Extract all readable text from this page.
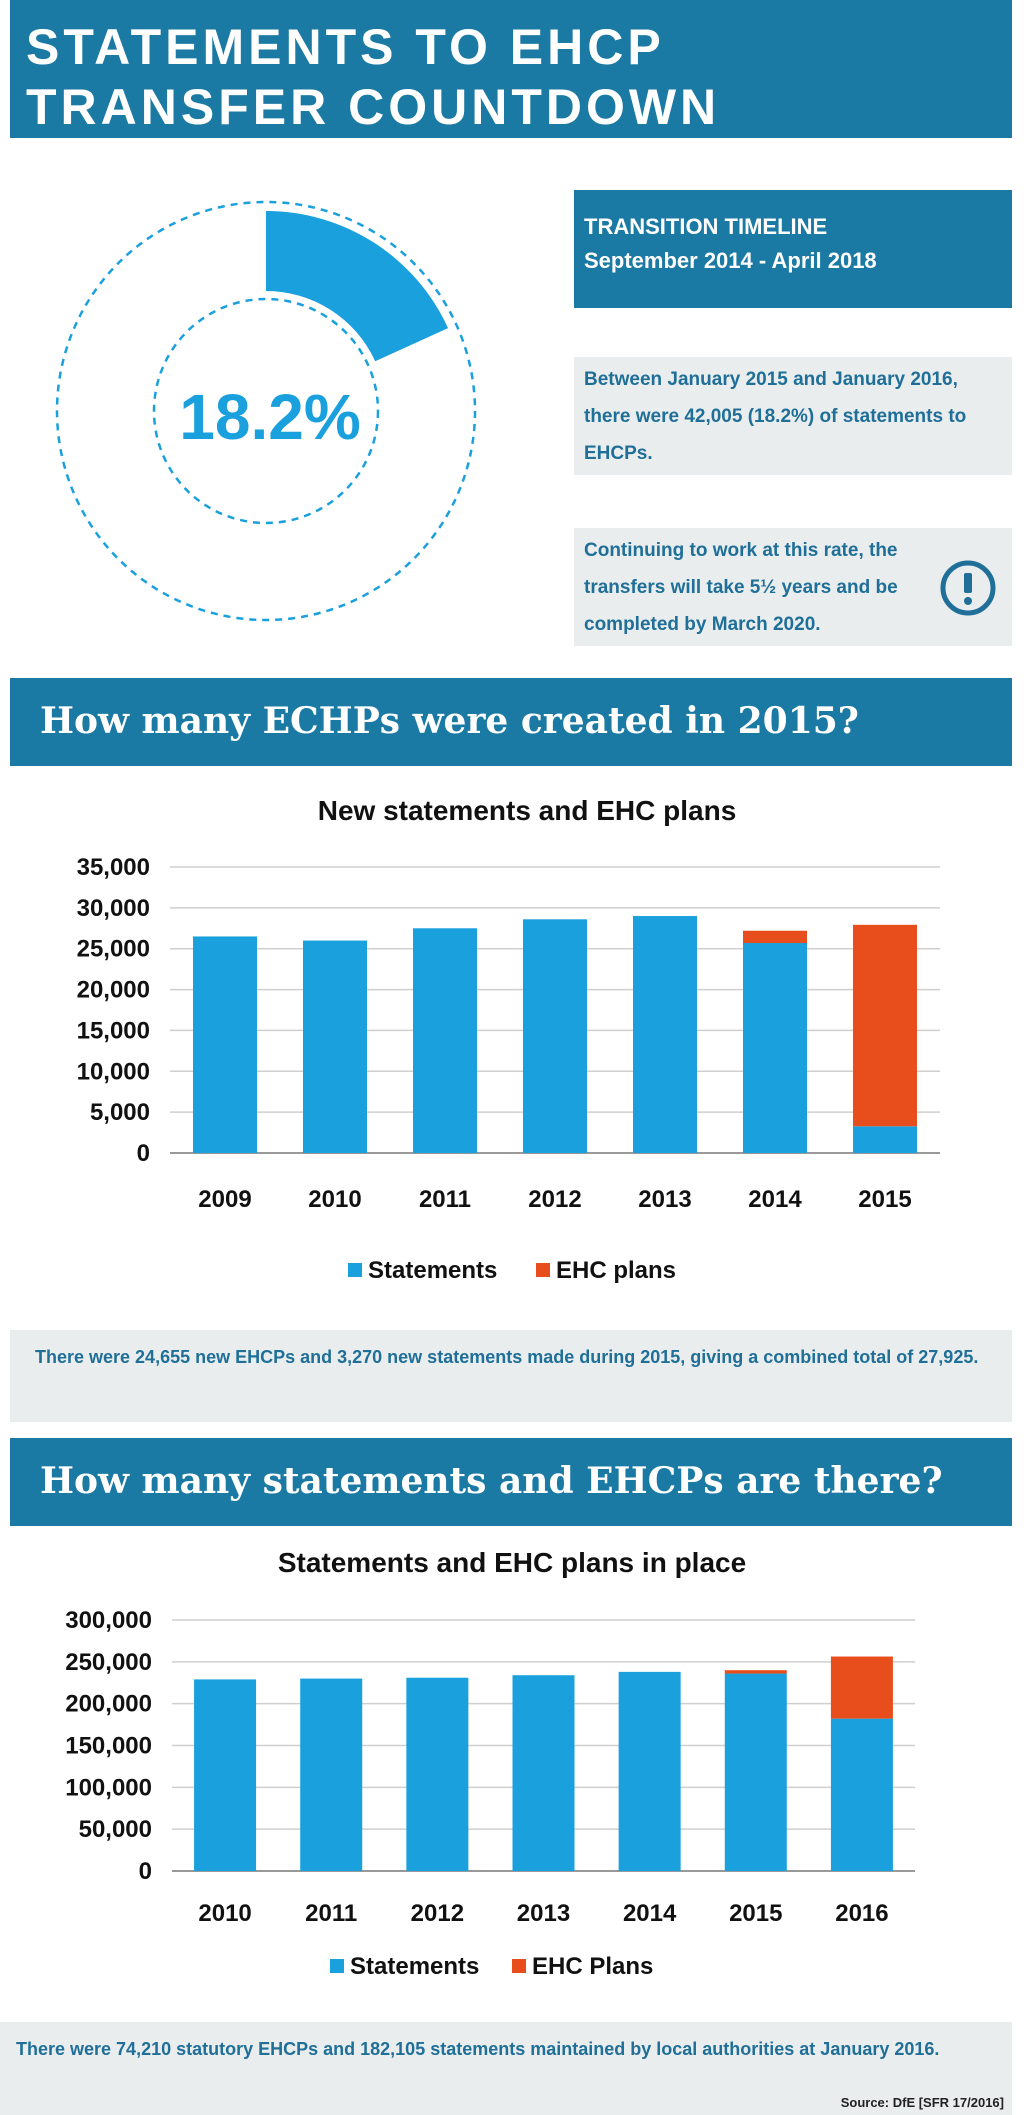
STATEMENTS TO EHCP
TRANSFER COUNTDOWN
18.2%
TRANSITION TIMELINE
September 2014 - April 2018
Between January 2015 and January 2016, there were 42,005 (18.2%) of statements to EHCPs.
Continuing to work at this rate, the transfers will take 5½ years and be completed by March 2020.
How many ECHPs were created in 2015?
New statements and EHC plans
0
5,000
10,000
15,000
20,000
25,000
30,000
35,000
2009 2010 2011 2012 2013 2014 2015
Statements EHC plans
There were 24,655 new EHCPs and 3,270 new statements made during 2015, giving a combined total of 27,925.
How many statements and EHCPs are there?
Statements and EHC plans in place
0
50,000
100,000
150,000
200,000
250,000
300,000
2010 2011 2012 2013 2014 2015 2016
Statements EHC Plans
There were 74,210 statutory EHCPs and 182,105 statements maintained by local authorities at January 2016.
Source: DfE [SFR 17/2016]
